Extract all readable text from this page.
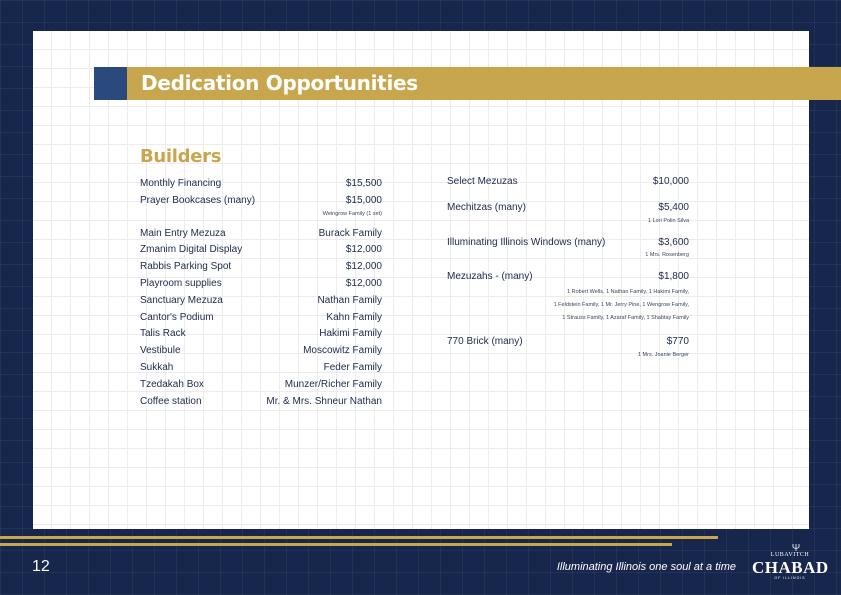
Dedication Opportunities
Builders
Monthly Financing	$15,500
Prayer Bookcases (many)	$15,000
Weingrow Family (1 set)
Main Entry Mezuza	Burack Family
Zmanim Digital Display	$12,000
Rabbis Parking Spot	$12,000
Playroom supplies	$12,000
Sanctuary Mezuza	Nathan Family
Cantor's Podium	Kahn Family
Talis Rack	Hakimi Family
Vestibule	Moscowitz Family
Sukkah	Feder Family
Tzedakah Box	Munzer/Richer Family
Coffee station	Mr. & Mrs. Shneur Nathan
Select Mezuzas	$10,000
Mechitzas (many)	$5,400
1 Lori Polin Silva
Illuminating Illinois Windows (many)	$3,600
1 Mrs. Rosenberg
Mezuzahs - (many)	$1,800
1 Robert Wells, 1 Nathan Family, 1 Hakimi Family,
1 Feldstein Family, 1 Mr. Jerry Pine, 1 Wengrow Family,
1 Strauss Family, 1 Azaraf Family, 1 Shabtay Family
770 Brick (many)	$770
1 Mrs. Joanie Berger
12	Illuminating Illinois one soul at a time
LUBAVITCH
CHABAD
OF ILLINOIS
